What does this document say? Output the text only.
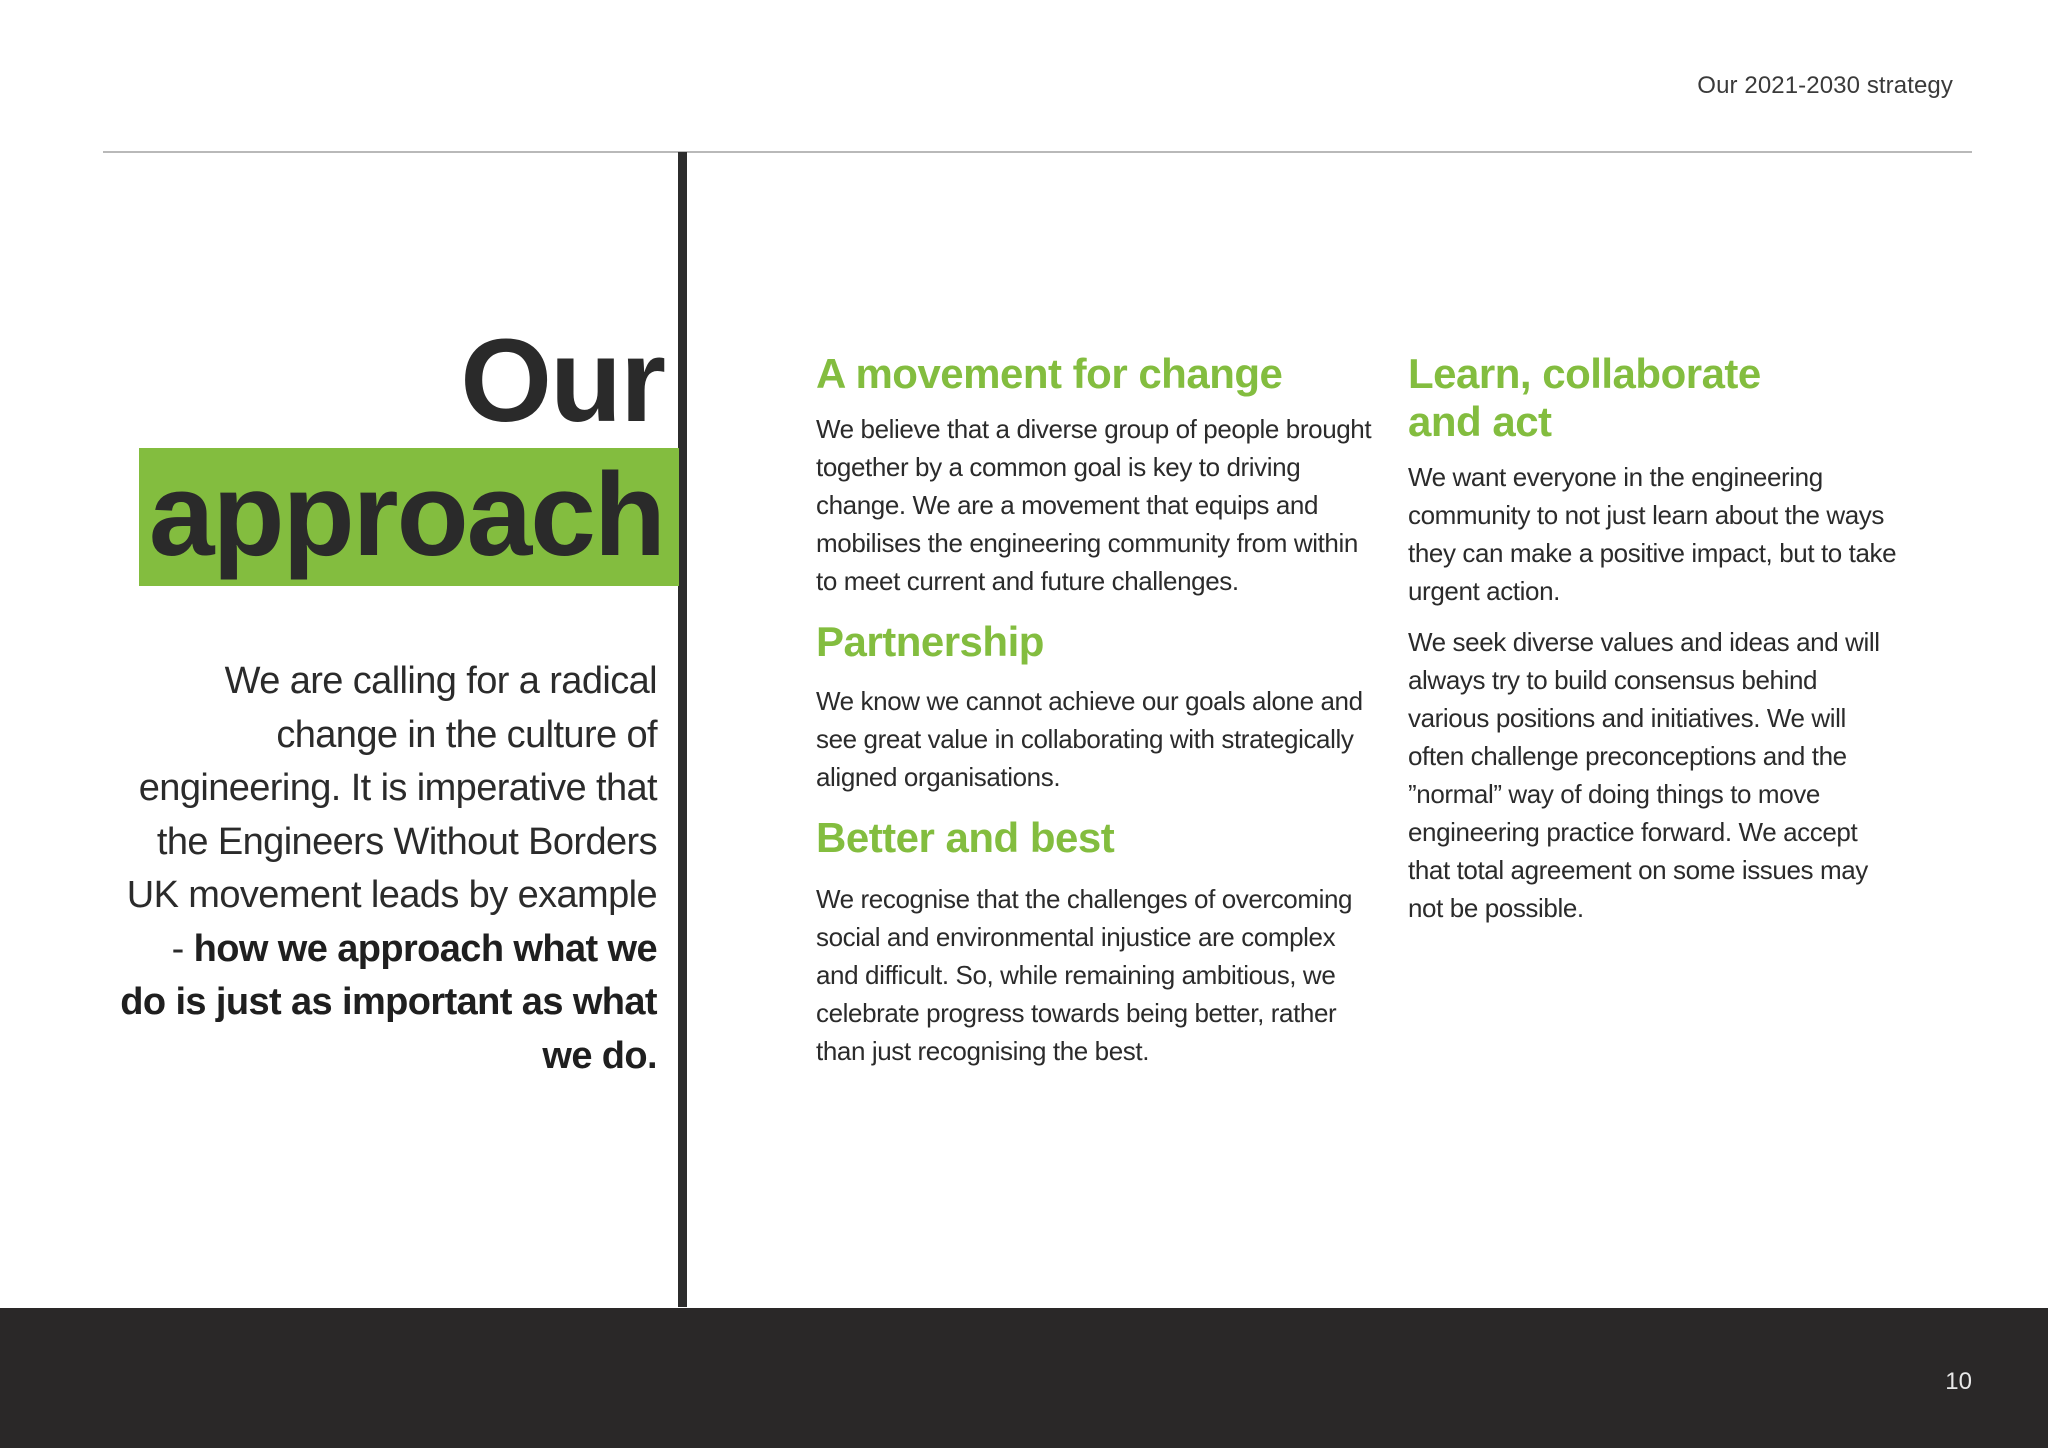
Our 2021-2030 strategy
Our
approach
We are calling for a radical change in the culture of engineering. It is imperative that the Engineers Without Borders UK movement leads by example - how we approach what we do is just as important as what we do.
A movement for change
We believe that a diverse group of people brought together by a common goal is key to driving change. We are a movement that equips and mobilises the engineering community from within to meet current and future challenges.
Partnership
We know we cannot achieve our goals alone and see great value in collaborating with strategically aligned organisations.
Better and best
We recognise that the challenges of overcoming social and environmental injustice are complex and difficult. So, while remaining ambitious, we celebrate progress towards being better, rather than just recognising the best.
Learn, collaborate and act
We want everyone in the engineering community to not just learn about the ways they can make a positive impact, but to take urgent action.
We seek diverse values and ideas and will always try to build consensus behind various positions and initiatives. We will often challenge preconceptions and the ”normal” way of doing things to move engineering practice forward. We accept that total agreement on some issues may not be possible.
10
